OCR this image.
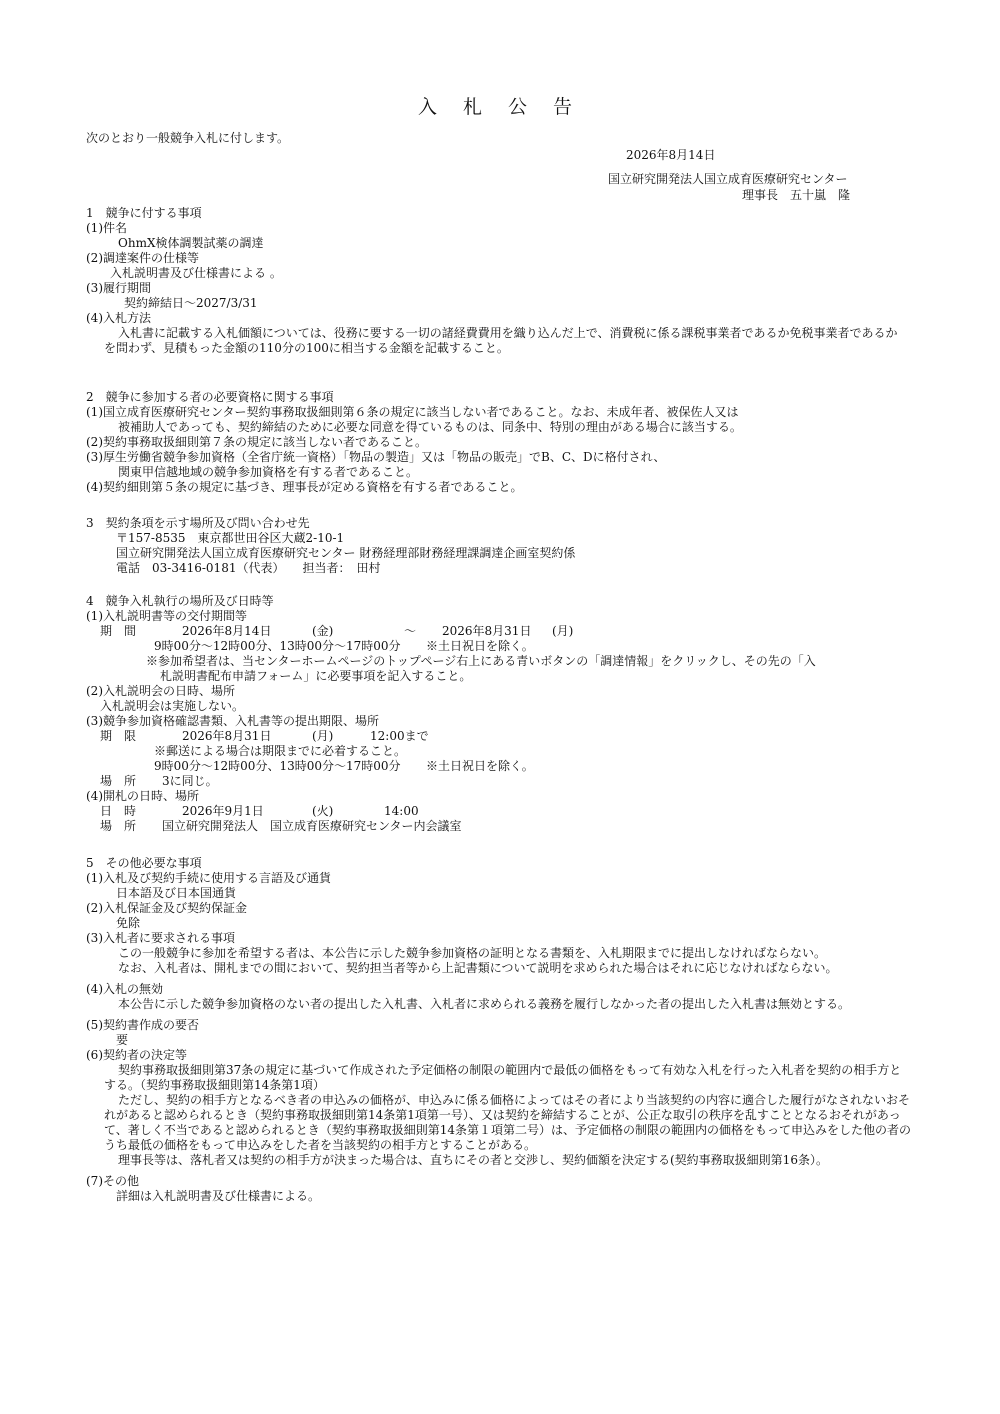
入 札 公 告
次のとおり一般競争入札に付します。
2026年8月14日
国立研究開発法人国立成育医療研究センター
理事長　五十嵐　隆
1　競争に付する事項
(1)件名
OhmX検体調製試薬の調達
(2)調達案件の仕様等
入札説明書及び仕様書による 。
(3)履行期間
契約締結日〜2027/3/31
(4)入札方法
入札書に記載する入札価額については、役務に要する一切の諸経費費用を織り込んだ上で、消費税に係る課税事業者であるか免税事業者であるかを問わず、見積もった金額の110分の100に相当する金額を記載すること。
2　競争に参加する者の必要資格に関する事項
(1)国立成育医療研究センター契約事務取扱細則第６条の規定に該当しない者であること。なお、未成年者、被保佐人又は
被補助人であっても、契約締結のために必要な同意を得ているものは、同条中、特別の理由がある場合に該当する。
(2)契約事務取扱細則第７条の規定に該当しない者であること。
(3)厚生労働省競争参加資格（全省庁統一資格）「物品の製造」又は「物品の販売」でB、C、Dに格付され、
関東甲信越地域の競争参加資格を有する者であること。
(4)契約細則第５条の規定に基づき、理事長が定める資格を有する者であること。
3　契約条項を示す場所及び問い合わせ先
〒157-8535　東京都世田谷区大蔵2-10-1
国立研究開発法人国立成育医療研究センター 財務経理部財務経理課調達企画室契約係
電話　03-3416-0181（代表）　　担当者：　田村
4　競争入札執行の場所及び日時等
(1)入札説明書等の交付期間等
期　間	2026年8月14日	(金)	〜 2026年8月31日 (月)
9時00分〜12時00分、13時00分〜17時00分 ※土日祝日を除く。
※参加希望者は、当センターホームページのトップページ右上にある青いボタンの「調達情報」をクリックし、その先の「入
札説明書配布申請フォーム」に必要事項を記入すること。
(2)入札説明会の日時、場所
入札説明会は実施しない。
(3)競争参加資格確認書類、入札書等の提出期限、場所
期　限	2026年8月31日	(月)	12:00まで
※郵送による場合は期限までに必着すること。
9時00分〜12時00分、13時00分〜17時00分 ※土日祝日を除く。
場　所 3に同じ。
(4)開札の日時、場所
日　時	2026年9月1日	(火)	14:00
場　所 国立研究開発法人　国立成育医療研究センター内会議室
5　その他必要な事項
(1)入札及び契約手続に使用する言語及び通貨
日本語及び日本国通貨
(2)入札保証金及び契約保証金
免除
(3)入札者に要求される事項
この一般競争に参加を希望する者は、本公告に示した競争参加資格の証明となる書類を、入札期限までに提出しなければならない。
なお、入札者は、開札までの間において、契約担当者等から上記書類について説明を求められた場合はそれに応じなければならない。
(4)入札の無効
本公告に示した競争参加資格のない者の提出した入札書、入札者に求められる義務を履行しなかった者の提出した入札書は無効とする。
(5)契約書作成の要否
要
(6)契約者の決定等
契約事務取扱細則第37条の規定に基づいて作成された予定価格の制限の範囲内で最低の価格をもって有効な入札を行った入札者を契約の相手方とする。（契約事務取扱細則第14条第1項）
ただし、契約の相手方となるべき者の申込みの価格が、申込みに係る価格によってはその者により当該契約の内容に適合した履行がなされないおそれがあると認められるとき（契約事務取扱細則第14条第1項第一号）、又は契約を締結することが、公正な取引の秩序を乱すこととなるおそれがあって、著しく不当であると認められるとき（契約事務取扱細則第14条第１項第二号）は、予定価格の制限の範囲内の価格をもって申込みをした他の者のうち最低の価格をもって申込みをした者を当該契約の相手方とすることがある。
理事長等は、落札者又は契約の相手方が決まった場合は、直ちにその者と交渉し、契約価額を決定する(契約事務取扱細則第16条）。
(7)その他
詳細は入札説明書及び仕様書による。
